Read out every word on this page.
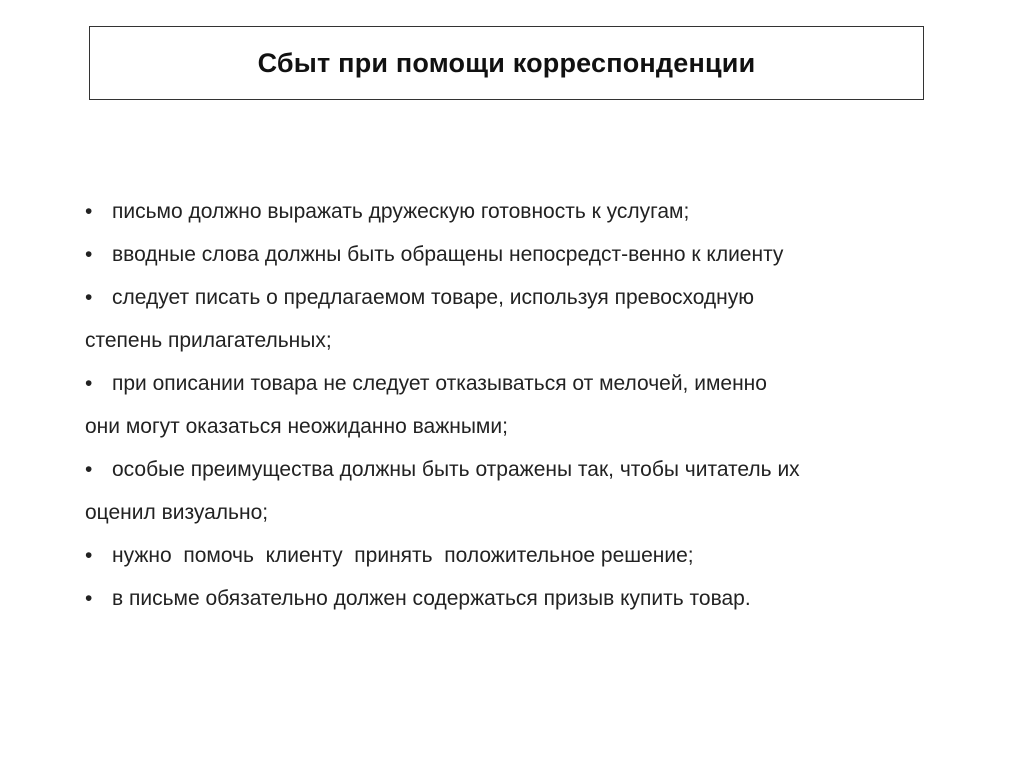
Сбыт при помощи корреспонденции
• письмо должно выражать дружескую готовность к услугам;
• вводные слова должны быть обращены непосредст-венно к клиенту
• следует писать о предлагаемом товаре, используя превосходную
степень прилагательных;
• при описании товара не следует отказываться от мелочей, именно
они могут оказаться неожиданно важными;
• особые преимущества должны быть отражены так, чтобы читатель их
оценил визуально;
• нужно  помочь  клиенту  принять  положительное решение;
• в письме обязательно должен содержаться призыв купить товар.
